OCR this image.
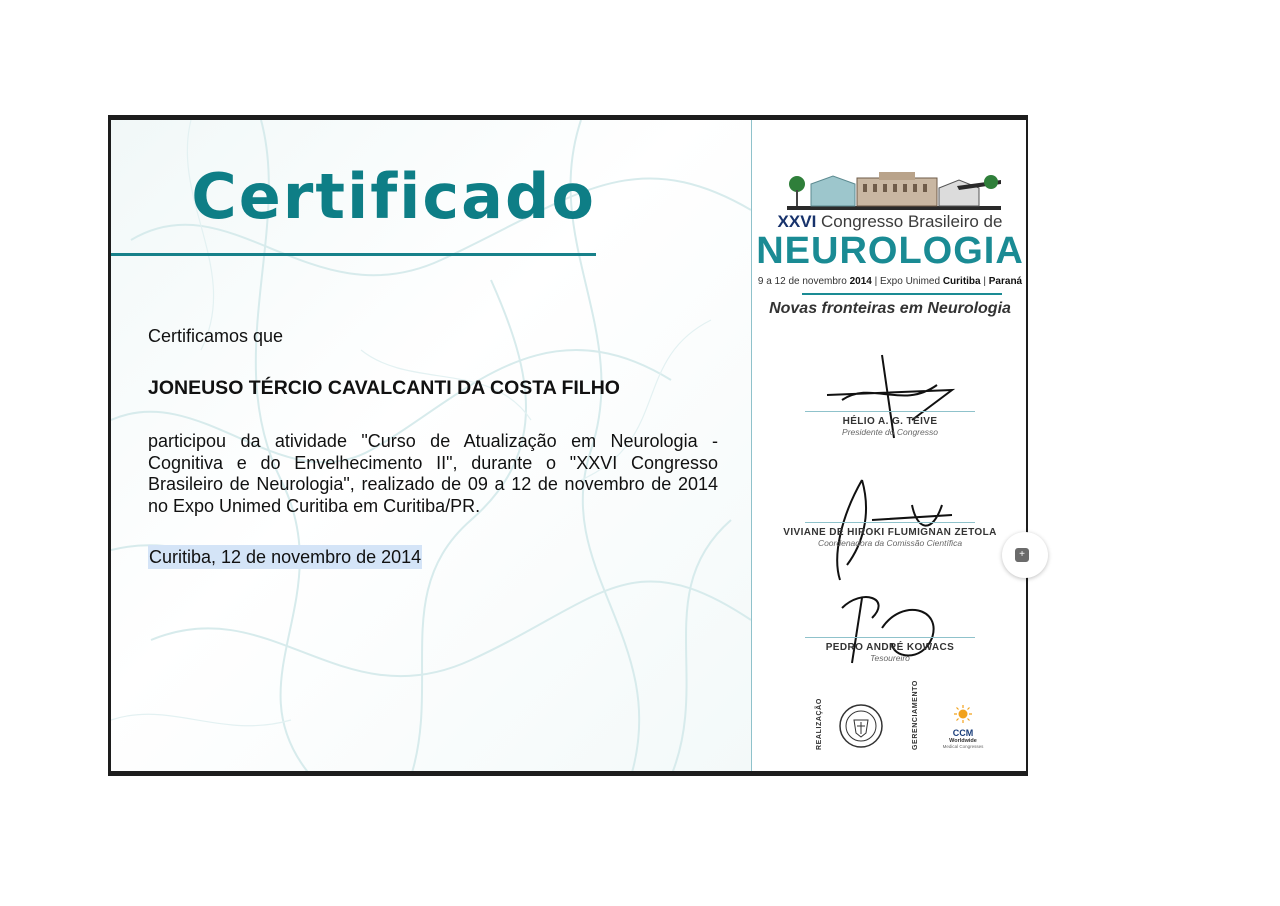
Certificado
Certificamos que
JONEUSO TÉRCIO CAVALCANTI DA COSTA FILHO
participou da atividade "Curso de Atualização em Neurologia - Cognitiva e do Envelhecimento II", durante o "XXVI Congresso Brasileiro de Neurologia", realizado de 09 a 12 de novembro de 2014 no Expo Unimed Curitiba em Curitiba/PR.
Curitiba, 12 de novembro de 2014
XXVI Congresso Brasileiro de
NEUROLOGIA
9 a 12 de novembro 2014 | Expo Unimed Curitiba | Paraná
Novas fronteiras em Neurologia
HÉLIO A. G. TEIVE
Presidente do Congresso
VIVIANE DE HIROKI FLUMIGNAN ZETOLA
Coordenadora da Comissão Científica
PEDRO ANDRÉ KOWACS
Tesoureiro
REALIZAÇÃO	GERENCIAMENTO	CCM
Worldwide
Medical Congresses
+
